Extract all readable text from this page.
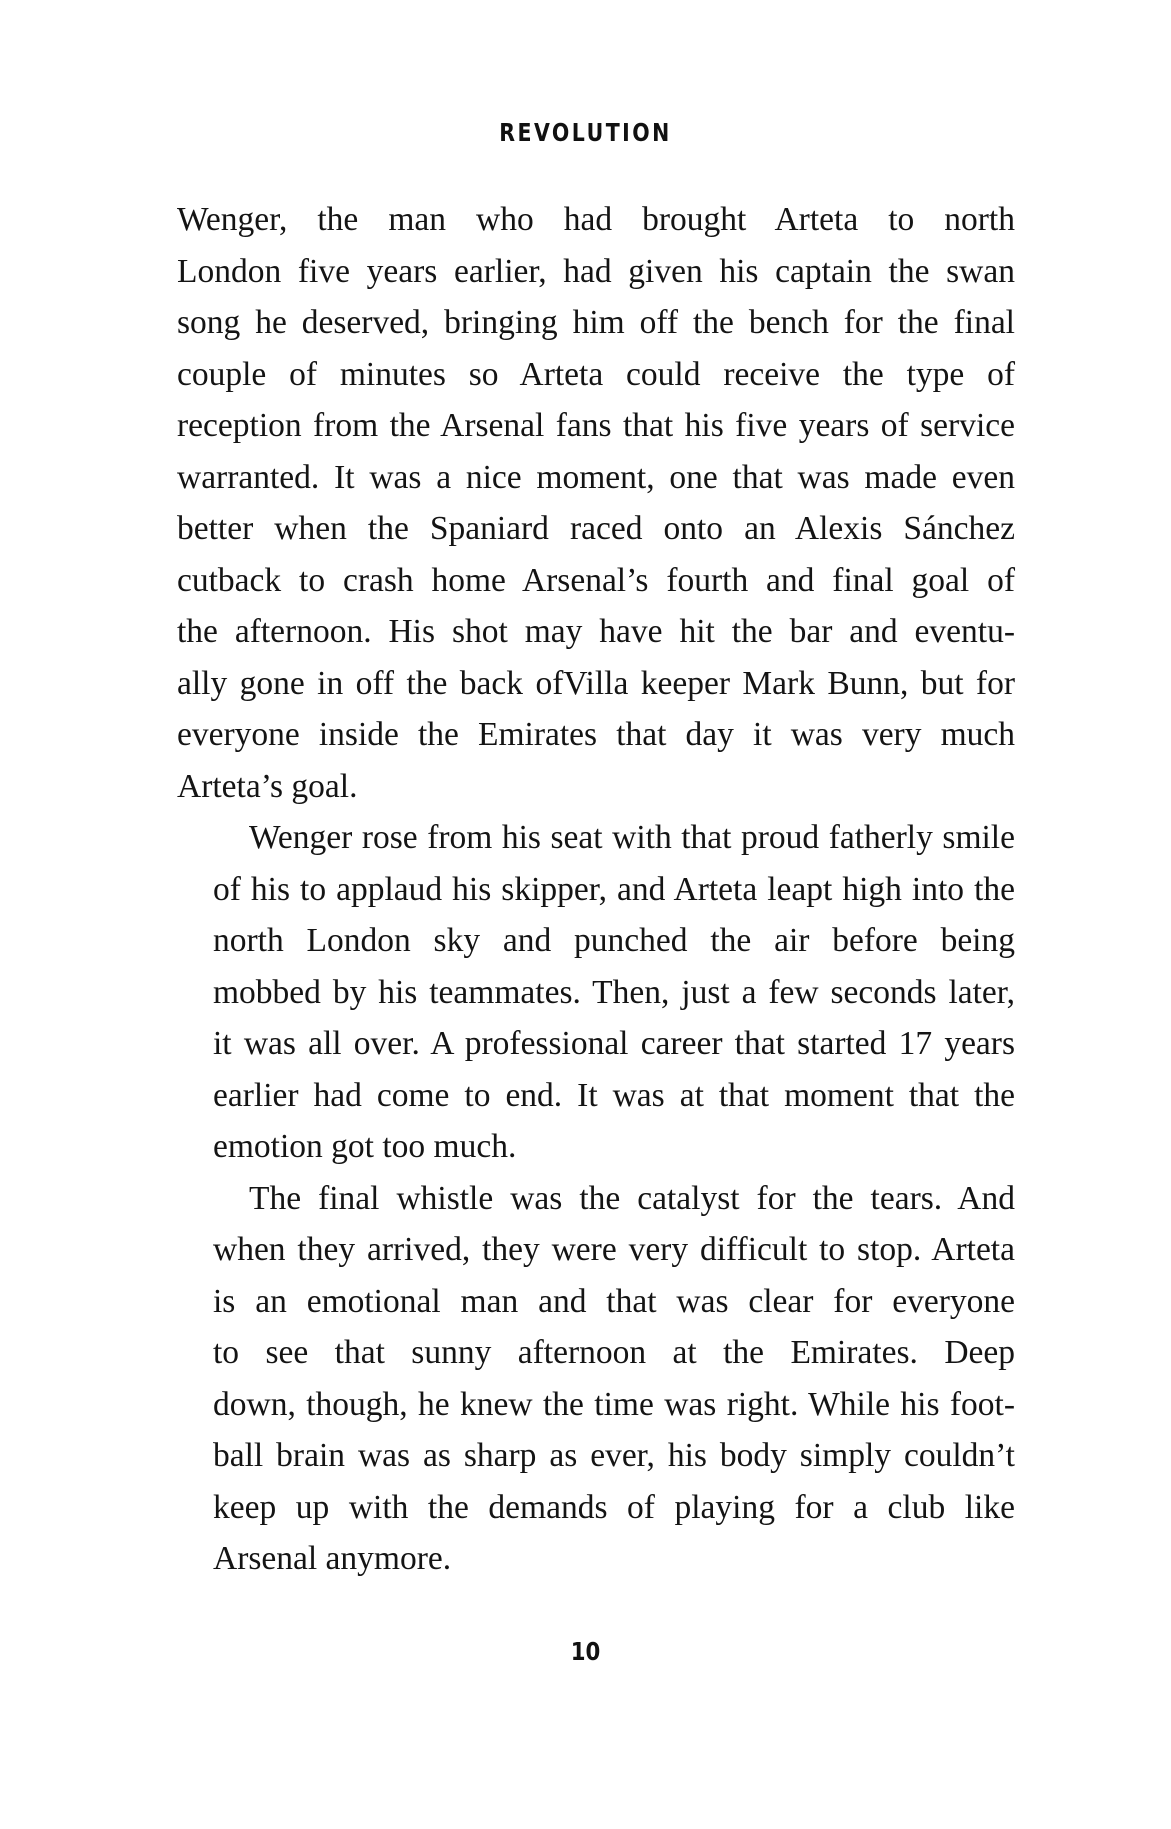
REVOLUTION
Wenger, the man who had brought Arteta to north
London five years earlier, had given his captain the swan
song he deserved, bringing him off the bench for the final
couple of minutes so Arteta could receive the type of
reception from the Arsenal fans that his five years of service
warranted. It was a nice moment, one that was made even
better when the Spaniard raced onto an Alexis Sánchez
cutback to crash home Arsenal’s fourth and final goal of
the afternoon. His shot may have hit the bar and eventu-
ally gone in off the back ofVilla keeper Mark Bunn, but for
everyone inside the Emirates that day it was very much
Arteta’s goal.
Wenger rose from his seat with that proud fatherly smile
of his to applaud his skipper, and Arteta leapt high into the
north London sky and punched the air before being
mobbed by his teammates. Then, just a few seconds later,
it was all over. A professional career that started 17 years
earlier had come to end. It was at that moment that the
emotion got too much.
The final whistle was the catalyst for the tears. And
when they arrived, they were very difficult to stop. Arteta
is an emotional man and that was clear for everyone
to see that sunny afternoon at the Emirates. Deep
down, though, he knew the time was right. While his foot-
ball brain was as sharp as ever, his body simply couldn’t
keep up with the demands of playing for a club like
Arsenal anymore.
10
